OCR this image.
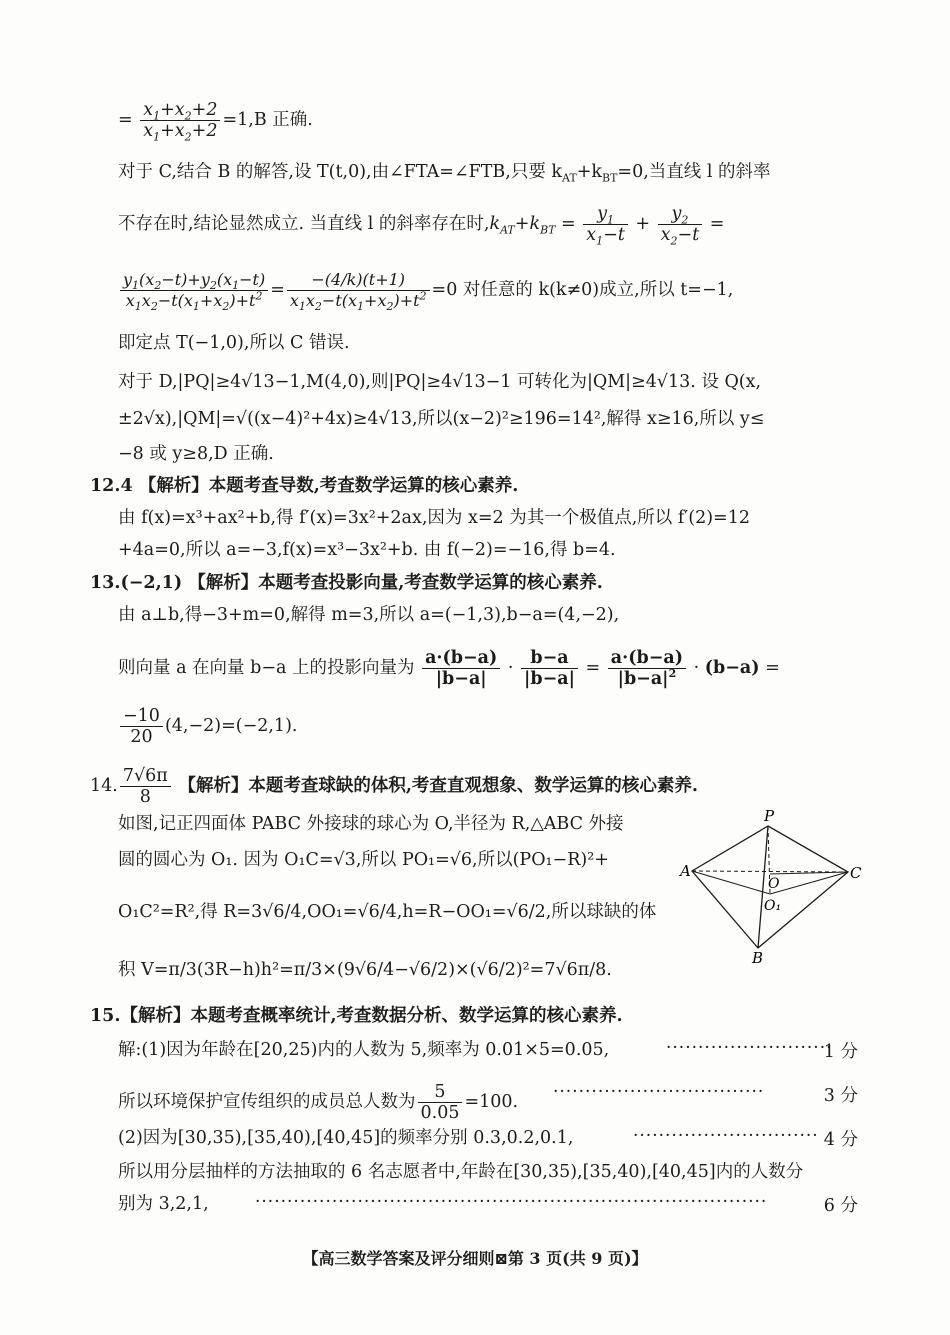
= $\frac{x_1+x_2+2}{x_1+x_2+2} =1,B$ 正确.
对于 C,结合 B 的解答,设 T(t,0),由∠FTA=∠FTB,只要 $k_{AT}+k_{BT}=0$,当直线 l 的斜率
不存在时,结论显然成立. 当直线 l 的斜率存在时$,k_{AT}+k_{BT} = \frac{y_1}{x_1-t} + \frac{y_2}{x_2-t}$ =
$\frac{y_1(x_2-t)+y_2(x_1-t)}{x_1x_2-t(x_1+x_2)+t^2} = \frac{-(4/k)(t+1)}{x_1x_2-t(x_1+x_2)+t^2} =0$ 对任意的 k(k≠0)成立,所以 t=−1,
即定点 T(−1,0),所以 C 错误.
对于 D,|PQ|≥4√13−1,M(4,0),则|PQ|≥4√13−1 可转化为|QM|≥4√13. 设 Q(x,
±2√x),|QM|=√((x−4)²+4x)≥4√13,所以(x−2)²≥196=14²,解得 x≥16,所以 y≤
−8 或 y≥8,D 正确.
12.4 【解析】本题考查导数,考查数学运算的核心素养.
由 f(x)=x³+ax²+b,得 f′(x)=3x²+2ax,因为 x=2 为其一个极值点,所以 f′(2)=12
+4a=0,所以 a=−3,f(x)=x³−3x²+b. 由 f(−2)=−16,得 b=4.
13.(−2,1) 【解析】本题考查投影向量,考查数学运算的核心素养.
由 a⊥b,得−3+m=0,解得 m=3,所以 a=(−1,3),b−a=(4,−2),
则向量 a 在向量 b−a 上的投影向量为 $\frac{a\cdot(b-a)}{|b-a|} \cdot \frac{b-a}{|b-a|} = \frac{a\cdot(b-a)}{|b-a|^2} \cdot (b-a)$ =
$\frac{-10}{20} (4,-2)=(-2,1)$.
14. $\frac{7√6\pi}{8}$ 【解析】本题考查球缺的体积,考查直观想象、数学运算的核心素养.
如图,记正四面体 PABC 外接球的球心为 O,半径为 R,△ABC 外接
圆的圆心为 O₁. 因为 O₁C=√3,所以 PO₁=√6,所以(PO₁−R)²+
O₁C²=R²,得 R=3√6/4,OO₁=√6/4,h=R−OO₁=√6/2,所以球缺的体
积 V=π/3(3R−h)h²=π/3×(9√6/4−√6/2)×(√6/2)²=7√6π/8.
P
A	C
B
O
O₁
15.【解析】本题考查概率统计,考查数据分析、数学运算的核心素养.
解:(1)因为年龄在[20,25)内的人数为 5,频率为 0.01×5=0.05,	··························
1 分
所以环境保护宣传组织的成员总人数为 $\frac{5}{0.05} =100$. ·································	3 分
(2)因为[30,35),[35,40),[40,45]的频率分别 0.3,0.2,0.1,	····························· 4 分
所以用分层抽样的方法抽取的 6 名志愿者中,年龄在[30,35),[35,40),[40,45]内的人数分
别为 3,2,1,	················································································	6 分
【高三数学答案及评分细则⊠第 3 页(共 9 页)】
